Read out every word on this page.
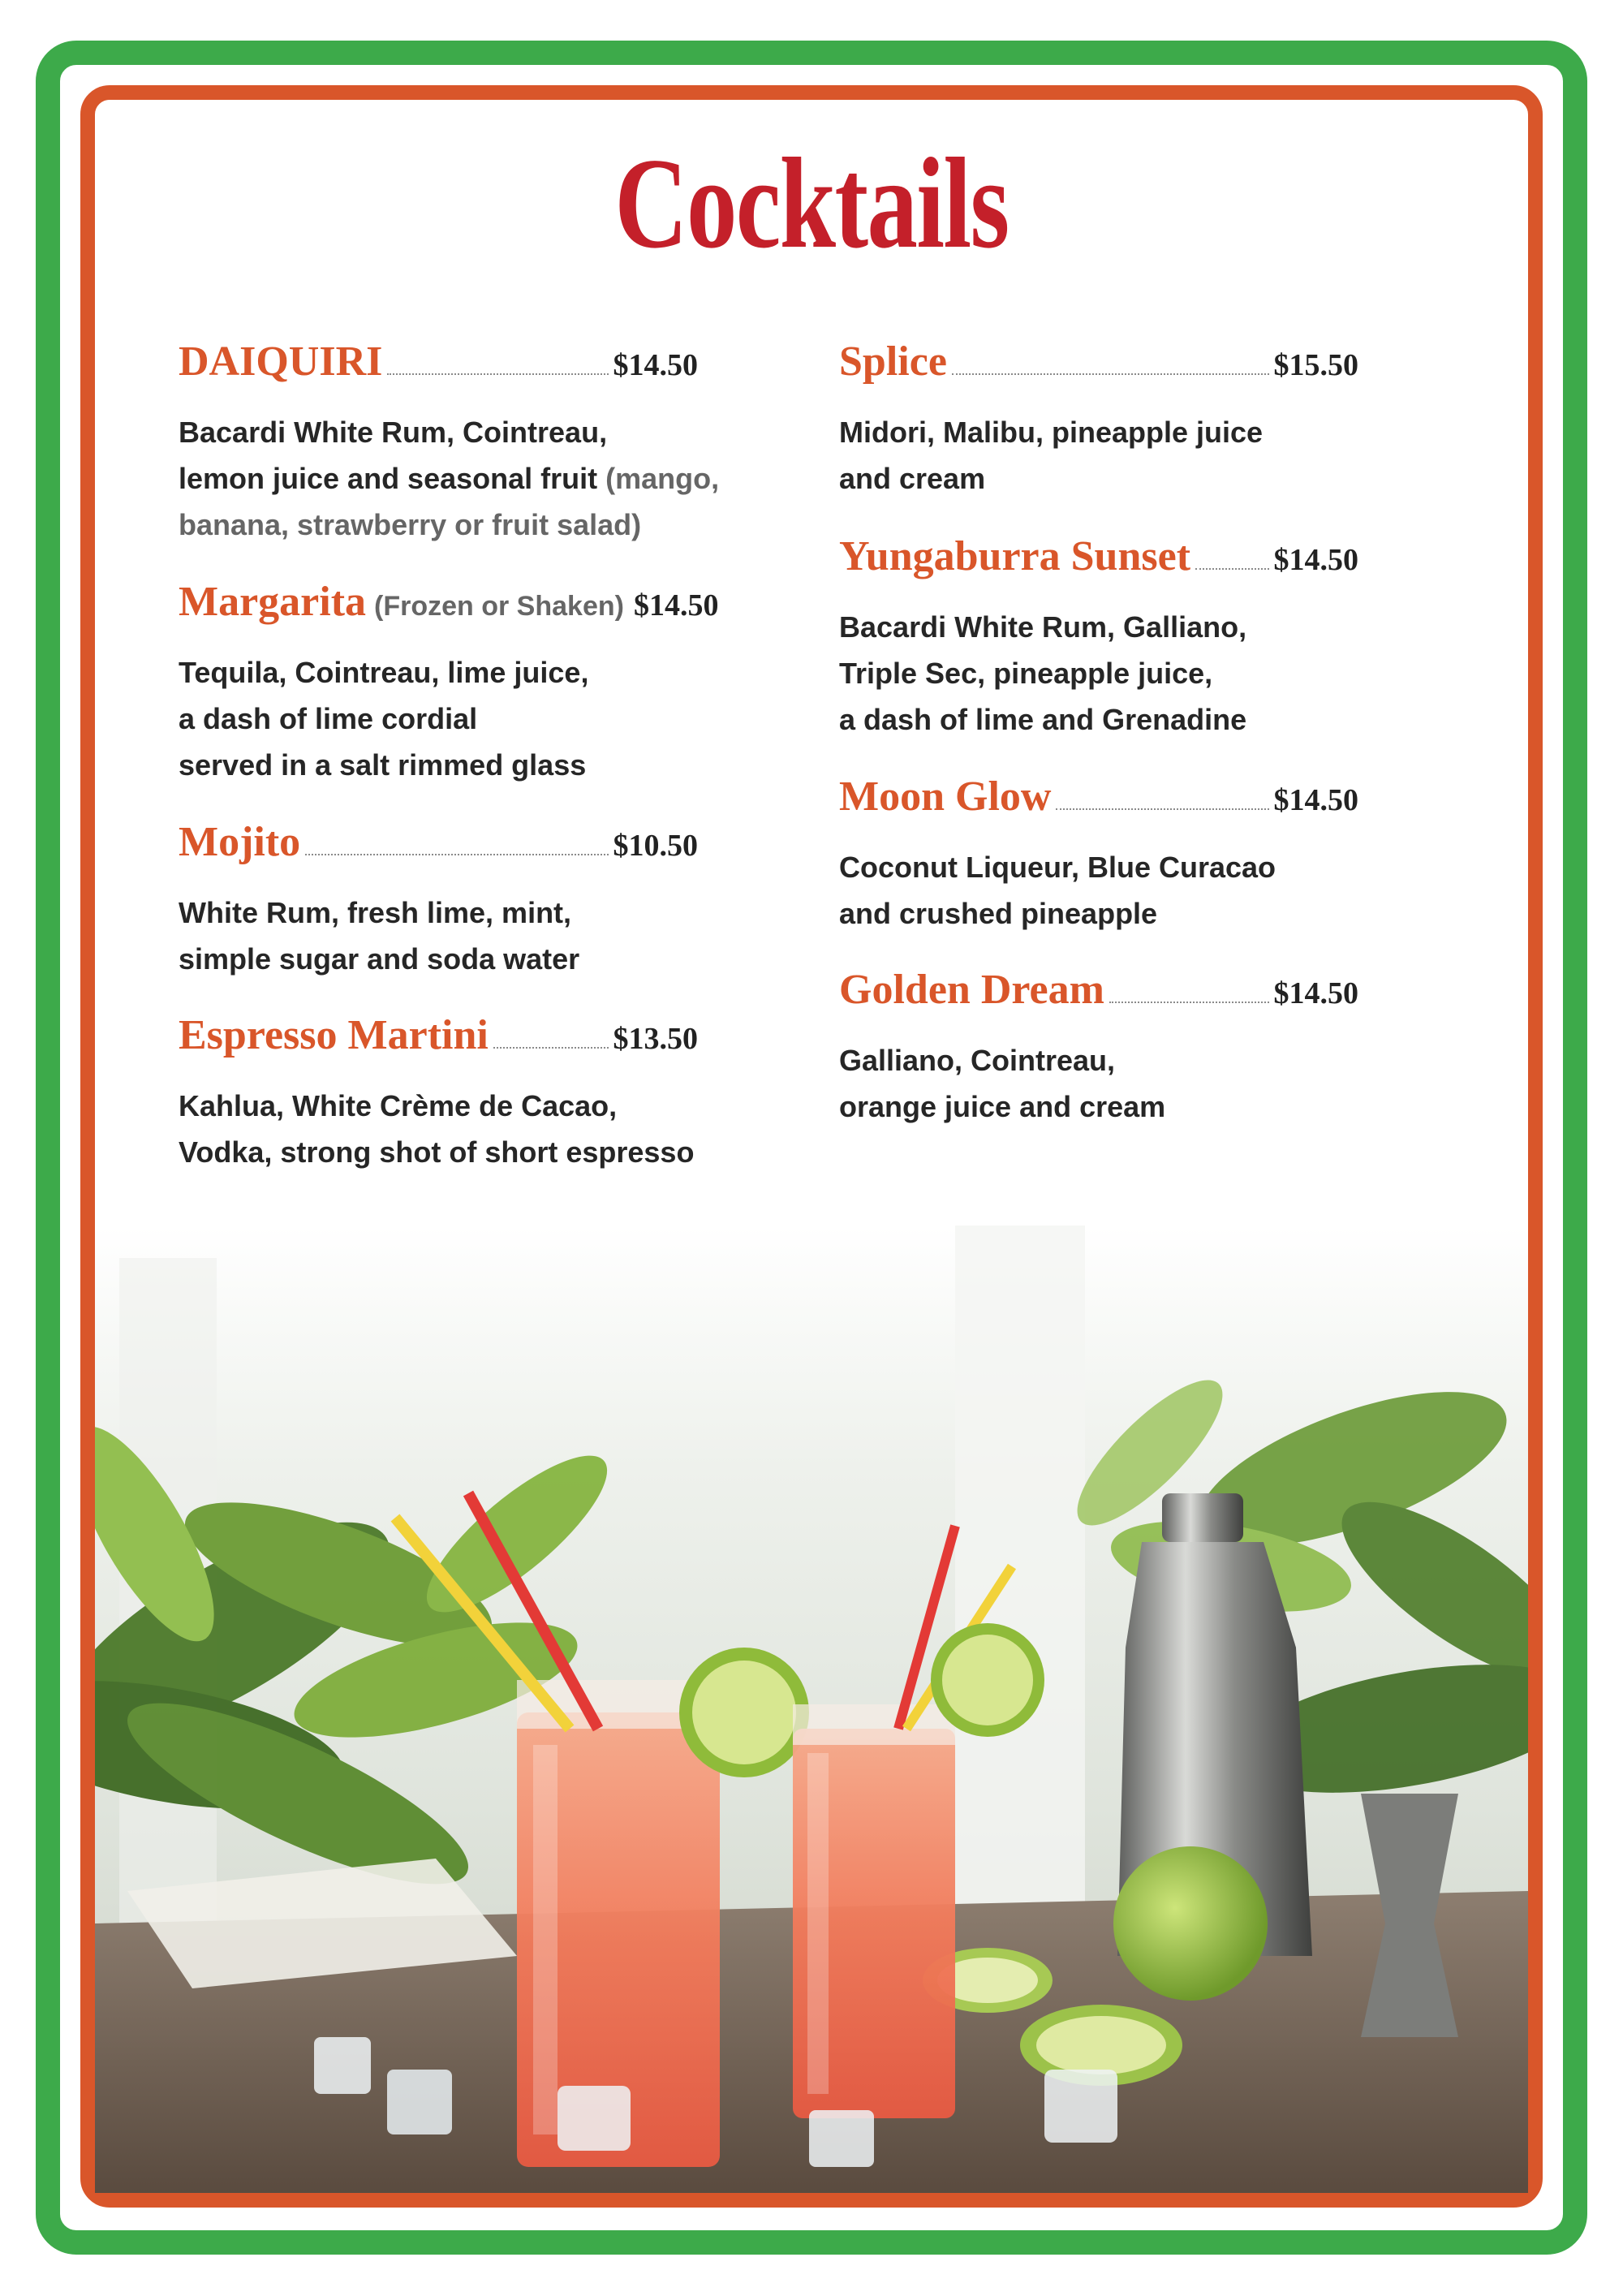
Cocktails
DAIQUIRI	$14.50
Bacardi White Rum, Cointreau,
lemon juice and seasonal fruit (mango,
banana, strawberry or fruit salad)
Margarita (Frozen or Shaken) $14.50
Tequila, Cointreau, lime juice,
a dash of lime cordial
served in a salt rimmed glass
Mojito	$10.50
White Rum, fresh lime, mint,
simple sugar and soda water
Espresso Martini	$13.50
Kahlua, White Crème de Cacao,
Vodka, strong shot of short espresso
Splice	$15.50
Midori, Malibu, pineapple juice
and cream
Yungaburra Sunset	$14.50
Bacardi White Rum, Galliano,
Triple Sec, pineapple juice,
a dash of lime and Grenadine
Moon Glow	$14.50
Coconut Liqueur, Blue Curacao
and crushed pineapple
Golden Dream	$14.50
Galliano, Cointreau,
orange juice and cream
